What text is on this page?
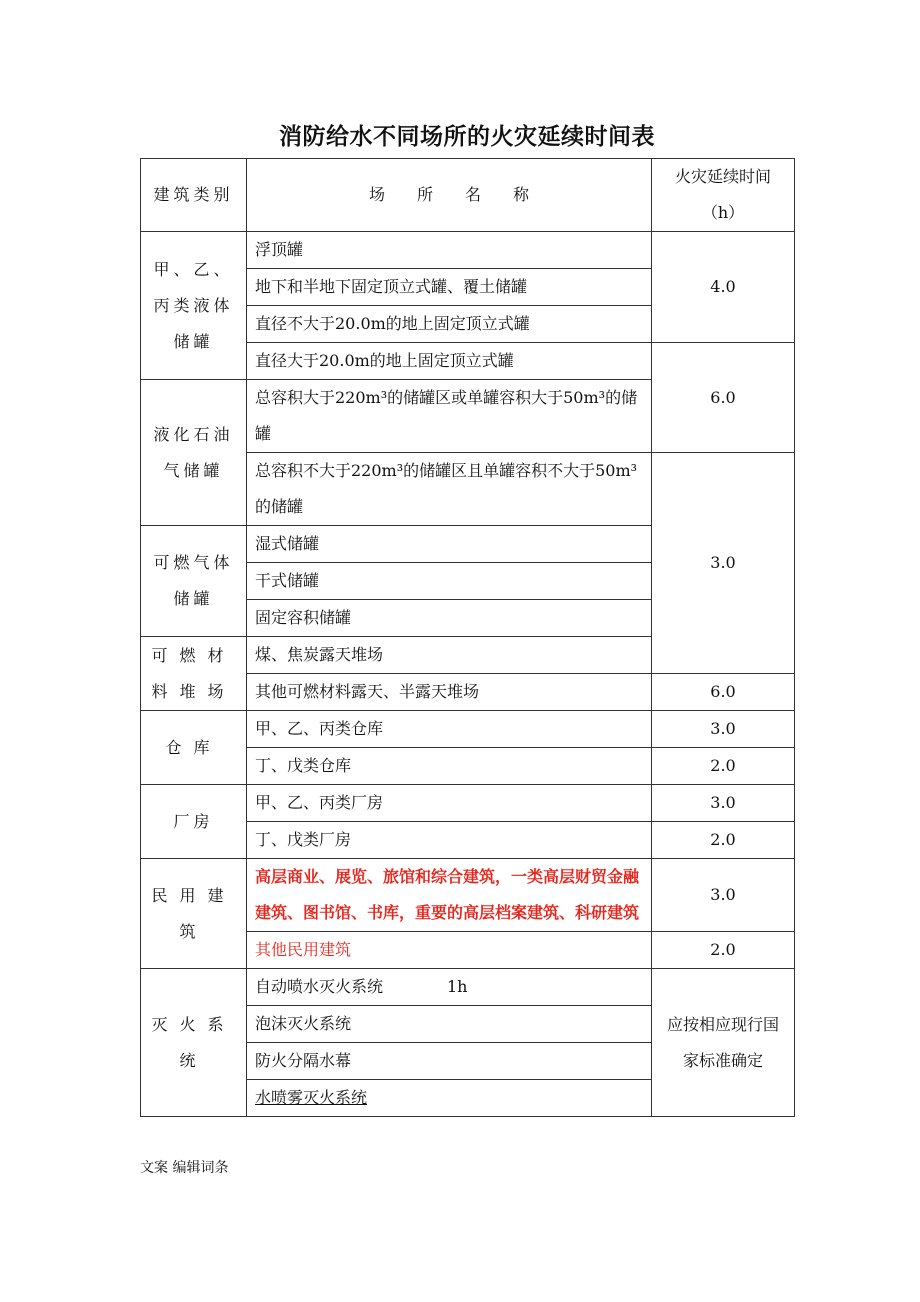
消防给水不同场所的火灾延续时间表
建筑类别	场　　所　　名　　称	火灾延续时间（h）
甲、乙、丙类液体储罐	浮顶罐	4.0
	地下和半地下固定顶立式罐、覆土储罐	
	直径不大于20.0m的地上固定顶立式罐	
	直径大于20.0m的地上固定顶立式罐	6.0
液化石油气储罐	总容积大于220m³的储罐区或单罐容积大于50m³的储罐	
	总容积不大于220m³的储罐区且单罐容积不大于50m³的储罐	3.0
可燃气体储罐	湿式储罐	
	干式储罐	
	固定容积储罐	
可燃材料堆场	煤、焦炭露天堆场	
	其他可燃材料露天、半露天堆场	6.0
仓库	甲、乙、丙类仓库	3.0
	丁、戊类仓库	2.0
厂房	甲、乙、丙类厂房	3.0
	丁、戊类厂房	2.0
民用建筑	高层商业、展览、旅馆和综合建筑，一类高层财贸金融建筑、图书馆、书库，重要的高层档案建筑、科研建筑	3.0
	其他民用建筑	2.0
灭火系统	自动喷水灭火系统　　　　1h	应按相应现行国家标准确定
	泡沫灭火系统	
	防火分隔水幕	
	水喷雾灭火系统	
文案 编辑词条
